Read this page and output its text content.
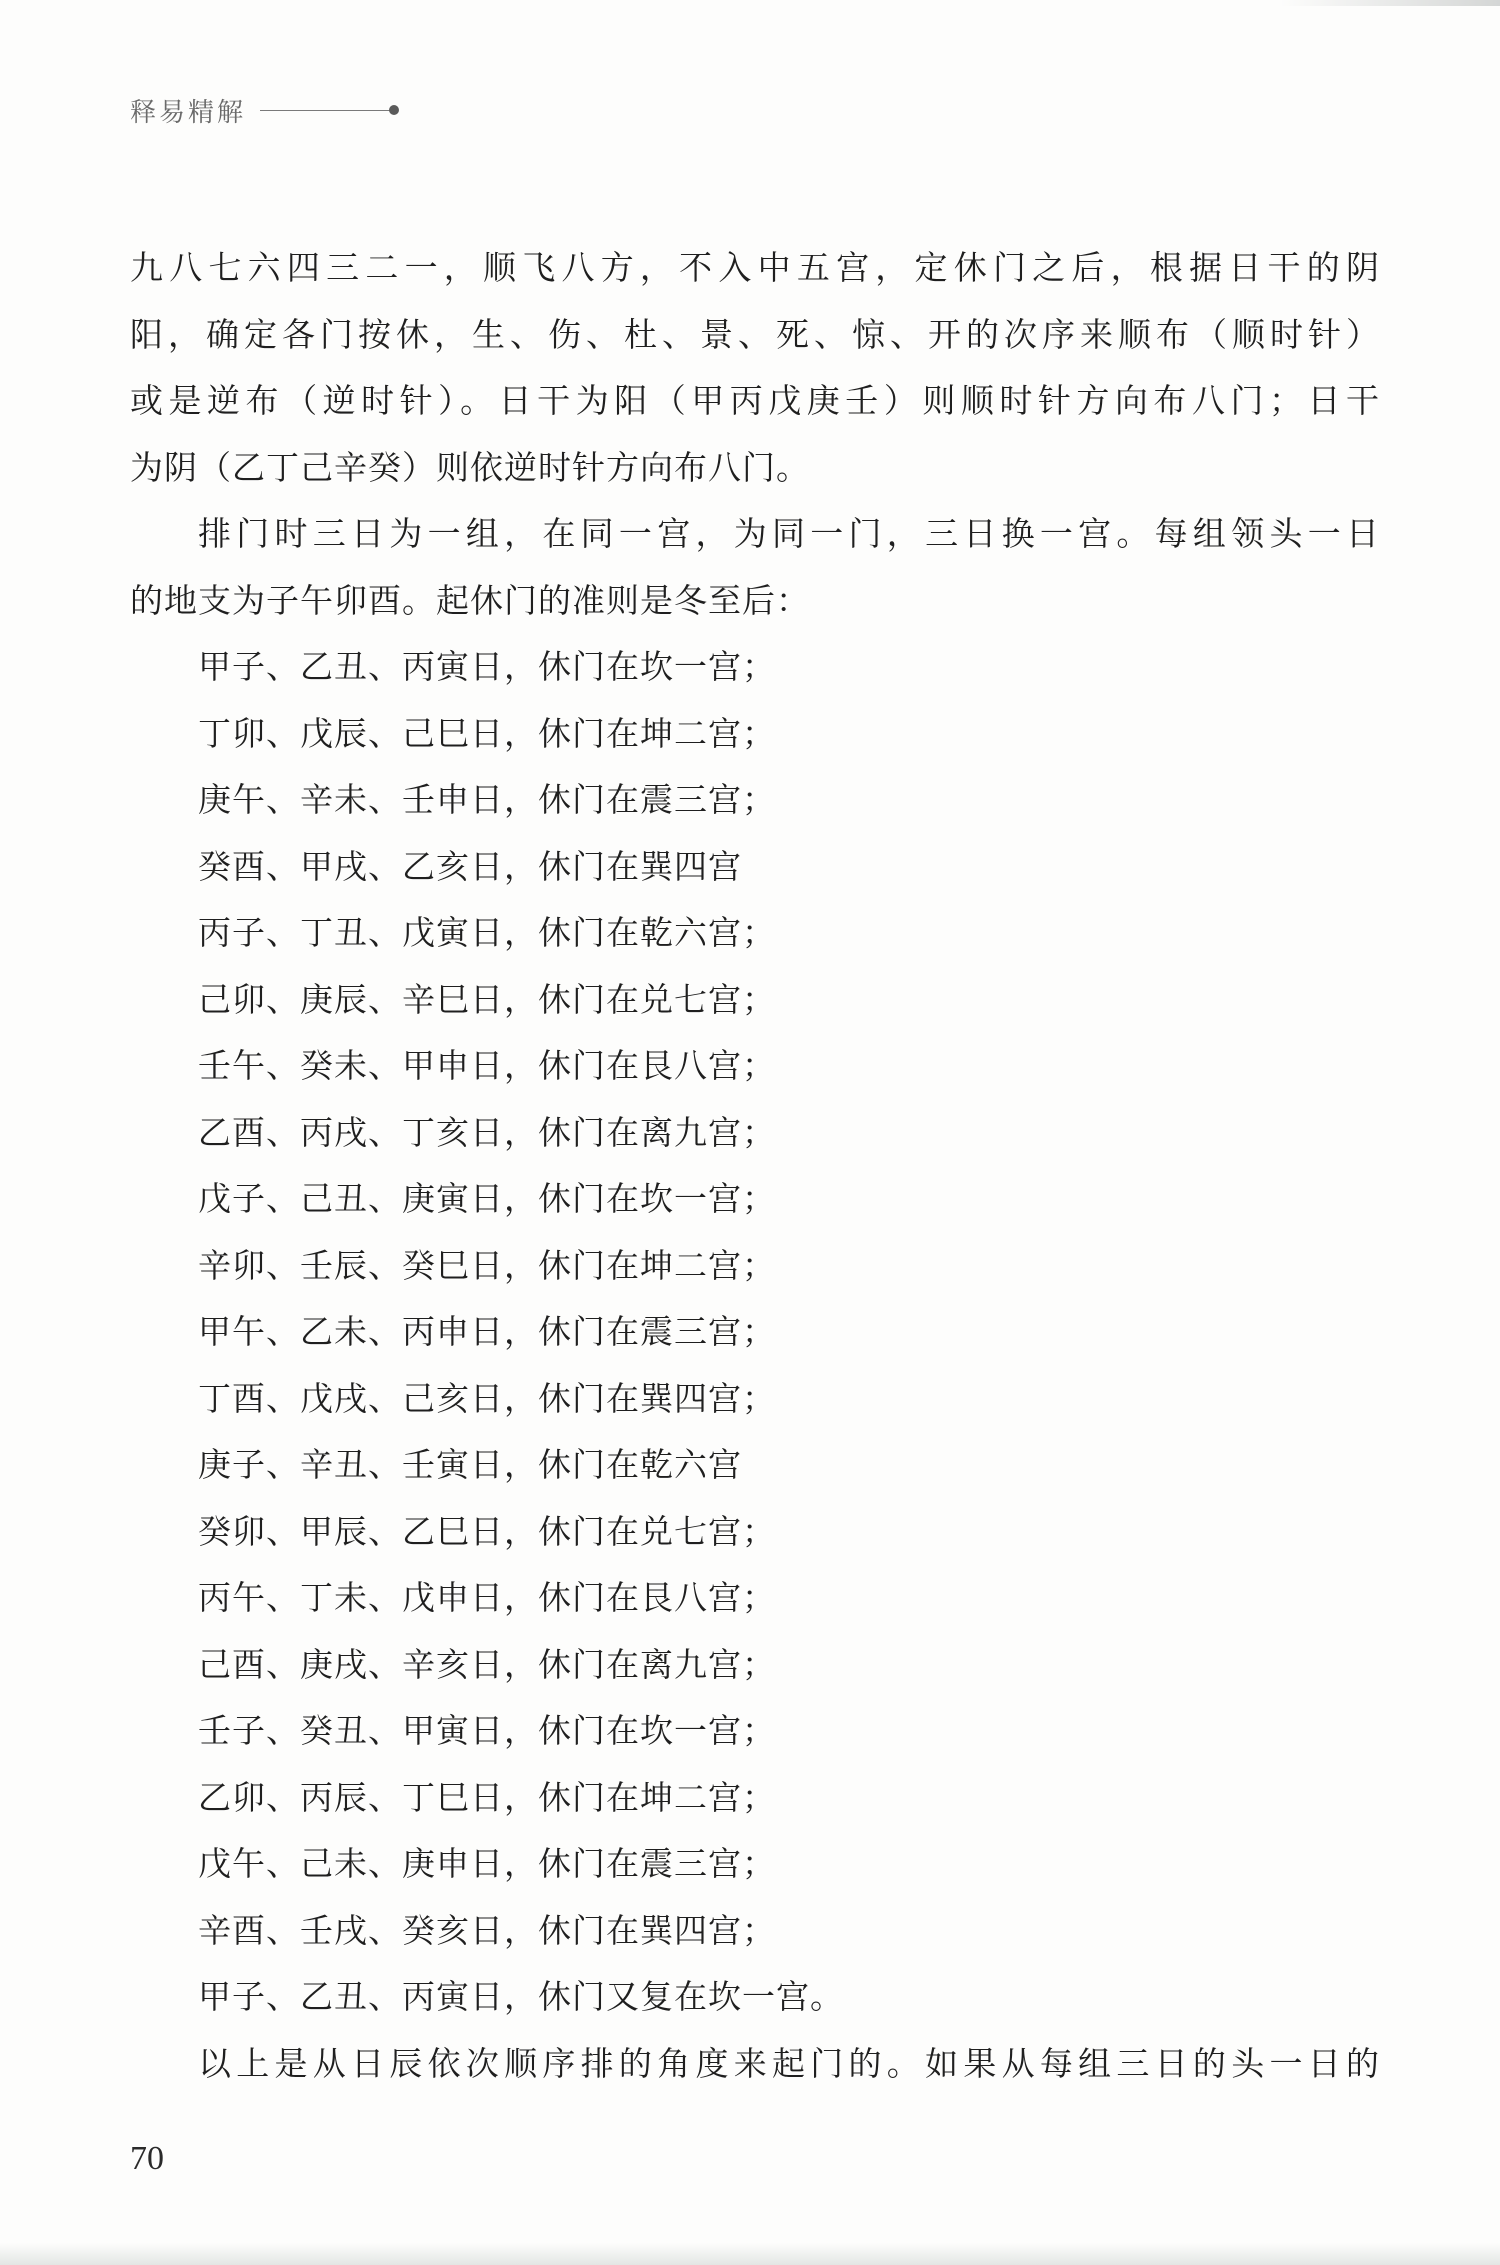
释易精解
九八七六四三二一，顺飞八方，不入中五宫，定休门之后，根据日干的阴
阳，确定各门按休，生、伤、杜、景、死、惊、开的次序来顺布（顺时针）
或是逆布（逆时针）。日干为阳（甲丙戊庚壬）则顺时针方向布八门；日干
为阴（乙丁己辛癸）则依逆时针方向布八门。
排门时三日为一组，在同一宫，为同一门，三日换一宫。每组领头一日
的地支为子午卯酉。起休门的准则是冬至后：
甲子、乙丑、丙寅日，休门在坎一宫；
丁卯、戊辰、己巳日，休门在坤二宫；
庚午、辛未、壬申日，休门在震三宫；
癸酉、甲戌、乙亥日，休门在巽四宫
丙子、丁丑、戊寅日，休门在乾六宫；
己卯、庚辰、辛巳日，休门在兑七宫；
壬午、癸未、甲申日，休门在艮八宫；
乙酉、丙戌、丁亥日，休门在离九宫；
戊子、己丑、庚寅日，休门在坎一宫；
辛卯、壬辰、癸巳日，休门在坤二宫；
甲午、乙未、丙申日，休门在震三宫；
丁酉、戊戌、己亥日，休门在巽四宫；
庚子、辛丑、壬寅日，休门在乾六宫
癸卯、甲辰、乙巳日，休门在兑七宫；
丙午、丁未、戊申日，休门在艮八宫；
己酉、庚戌、辛亥日，休门在离九宫；
壬子、癸丑、甲寅日，休门在坎一宫；
乙卯、丙辰、丁巳日，休门在坤二宫；
戊午、己未、庚申日，休门在震三宫；
辛酉、壬戌、癸亥日，休门在巽四宫；
甲子、乙丑、丙寅日，休门又复在坎一宫。
以上是从日辰依次顺序排的角度来起门的。如果从每组三日的头一日的
70
